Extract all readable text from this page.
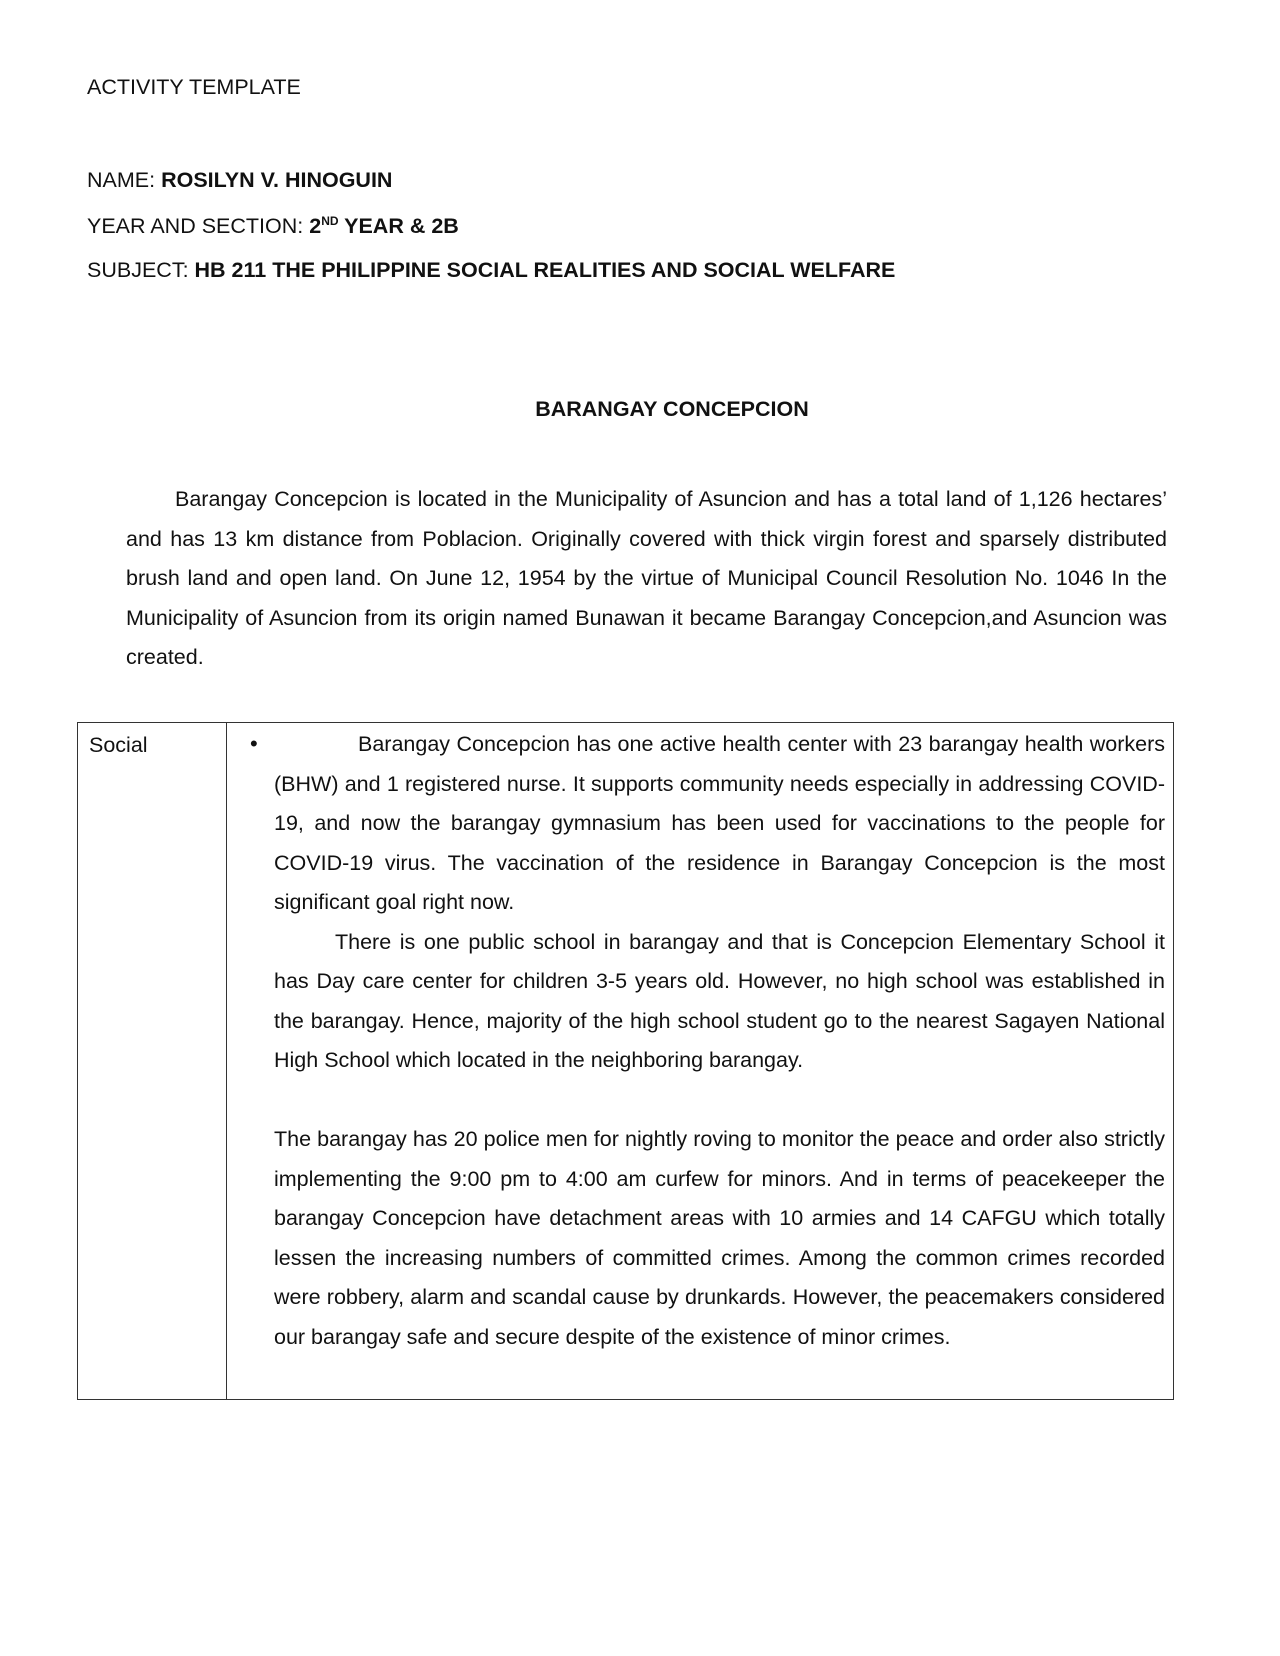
ACTIVITY TEMPLATE
NAME: ROSILYN V. HINOGUIN
YEAR AND SECTION: 2ND YEAR & 2B
SUBJECT: HB 211 THE PHILIPPINE SOCIAL REALITIES AND SOCIAL WELFARE
BARANGAY CONCEPCION

Barangay Concepcion is located in the Municipality of Asuncion and has a total land of 1,126 hectares’ and has 13 km distance from Poblacion. Originally covered with thick virgin forest and sparsely distributed brush land and open land. On June 12, 1954 by the virtue of Municipal Council Resolution No. 1046 In the Municipality of Asuncion from its origin named Bunawan it became Barangay Concepcion,and Asuncion was created.

Social	•	Barangay Concepcion has one active health center with 23 barangay health workers (BHW) and 1 registered nurse. It supports community needs especially in addressing COVID-19, and now the barangay gymnasium has been used for vaccinations to the people for COVID-19 virus. The vaccination of the residence in Barangay Concepcion is the most significant goal right now.

There is one public school in barangay and that is Concepcion Elementary School it has Day care center for children 3-5 years old. However, no high school was established in the barangay. Hence, majority of the high school student go to the nearest Sagayen National High School which located in the neighboring barangay.

The barangay has 20 police men for nightly roving to monitor the peace and order also strictly implementing the 9:00 pm to 4:00 am curfew for minors. And in terms of peacekeeper the barangay Concepcion have detachment areas with 10 armies and 14 CAFGU which totally lessen the increasing numbers of committed crimes. Among the common crimes recorded were robbery, alarm and scandal cause by drunkards. However, the peacemakers considered our barangay safe and secure despite of the existence of minor crimes.
